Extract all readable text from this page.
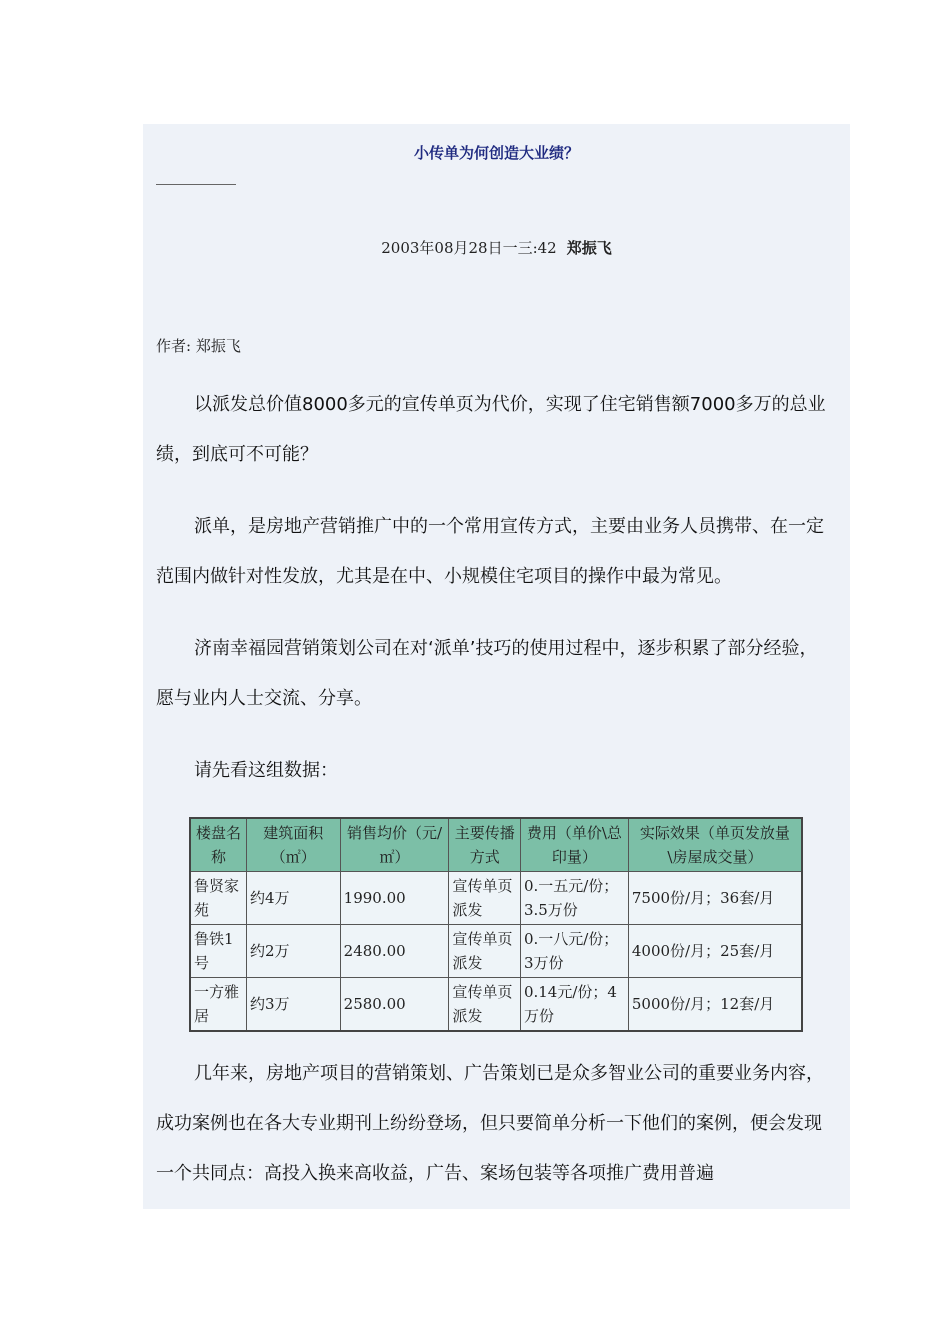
小传单为何创造大业绩？
2003年08月28日一三:42 郑振飞
作者: 郑振飞
以派发总价值8000多元的宣传单页为代价，实现了住宅销售额7000多万的总业绩，到底可不可能？
派单，是房地产营销推广中的一个常用宣传方式，主要由业务人员携带、在一定范围内做针对性发放，尤其是在中、小规模住宅项目的操作中最为常见。
济南幸福园营销策划公司在对‘派单’技巧的使用过程中，逐步积累了部分经验，愿与业内人士交流、分享。
请先看这组数据：
楼盘名称	建筑面积（㎡）	销售均价（元/㎡）	主要传播方式	费用（单价\总印量）	实际效果（单页发放量\房屋成交量）
鲁贤家苑	约4万	1990.00	宣传单页派发	0.一五元/份；3.5万份	7500份/月；36套/月
鲁铁1号	约2万	2480.00	宣传单页派发	0.一八元/份；3万份	4000份/月；25套/月
一方雅居	约3万	2580.00	宣传单页派发	0.14元/份；4万份	5000份/月；12套/月
几年来，房地产项目的营销策划、广告策划已是众多智业公司的重要业务内容，成功案例也在各大专业期刊上纷纷登场，但只要简单分析一下他们的案例，便会发现一个共同点：高投入换来高收益，广告、案场包装等各项推广费用普遍
